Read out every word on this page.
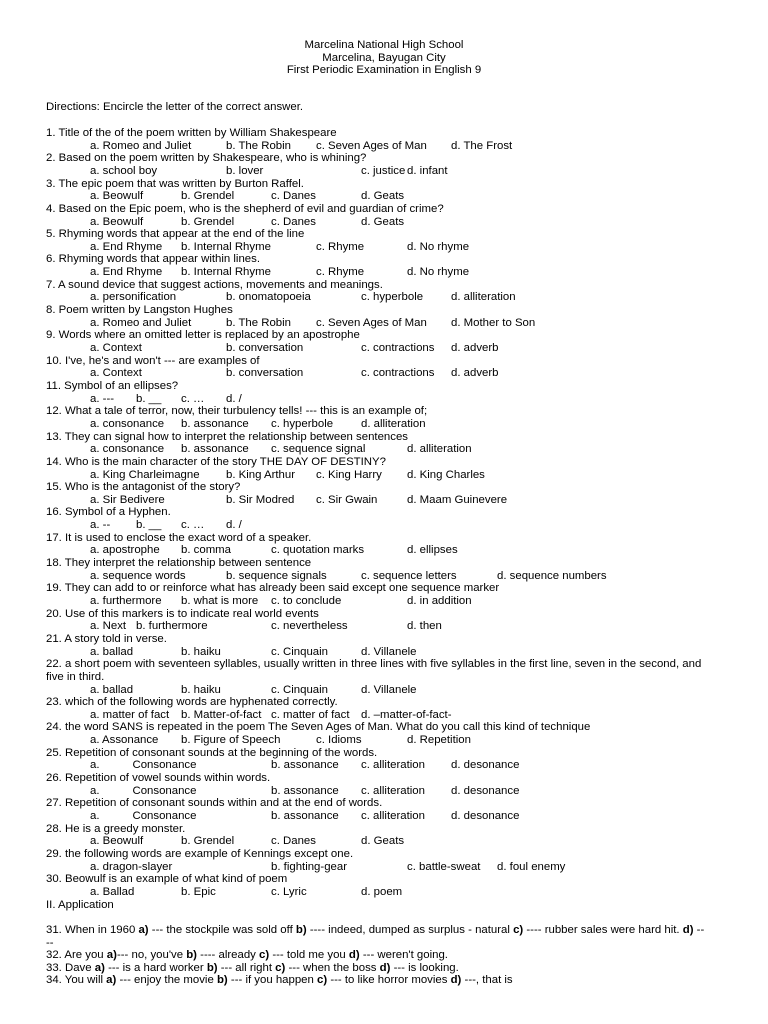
Marcelina National High School
Marcelina, Bayugan City
First Periodic Examination in English 9
Directions: Encircle the letter of the correct answer.
1. Title of the of the poem written by William Shakespeare
a. Romeo and Juliet	b. The Robin c. Seven Ages of Man d. The Frost
2. Based on the poem written by Shakespeare, who is whining?
a. school boy	b. lover	c. justice d. infant
3. The epic poem that was written by Burton Raffel.
a. Beowulf	b. Grendel	c. Danes	d. Geats
4. Based on the Epic poem, who is the shepherd of evil and guardian of crime?
a. Beowulf	b. Grendel	c. Danes	d. Geats
5. Rhyming words that appear at the end of the line
a. End Rhyme b. Internal Rhyme	c. Rhyme	d. No rhyme
6. Rhyming words that appear within lines.
a. End Rhyme b. Internal Rhyme	c. Rhyme	d. No rhyme
7. A sound device that suggest actions, movements and meanings.
a. personification	b. onomatopoeia	c. hyperbole d. alliteration
8. Poem written by Langston Hughes
a. Romeo and Juliet	b. The Robin c. Seven Ages of Man d. Mother to Son
9. Words where an omitted letter is replaced by an apostrophe
a. Context	b. conversation	c. contractions d. adverb
10. I've, he's and won't --- are examples of
a. Context	b. conversation	c. contractions d. adverb
11. Symbol of an ellipses?
a. --- b. __ c. … d. /
12. What a tale of terror, now, their turbulency tells! --- this is an example of;
a. consonance b. assonance c. hyperbole d. alliteration
13. They can signal how to interpret the relationship between sentences
a. consonance b. assonance c. sequence signal	d. alliteration
14. Who is the main character of the story THE DAY OF DESTINY?
a. King Charleimagne b. King Arthur c. King Harry d. King Charles
15. Who is the antagonist of the story?
a. Sir Bedivere	b. Sir Modred c. Sir Gwain	d. Maam Guinevere
16. Symbol of a Hyphen.
a. -- b. __ c. … d. /
17. It is used to enclose the exact word of a speaker.
a. apostrophe b. comma	c. quotation marks	d. ellipses
18. They interpret the relationship between sentence
a. sequence words	b. sequence signals	c. sequence letters	d. sequence numbers
19. They can add to or reinforce what has already been said except one sequence marker
a. furthermore b. what is more c. to conclude	d. in addition
20. Use of this markers is to indicate real world events
a. Next b. furthermore	c. nevertheless	d. then
21. A story told in verse.
a. ballad	b. haiku	c. Cinquain	d. Villanele
22. a short poem with seventeen syllables, usually written in three lines with five syllables in the first line, seven in the second, and five in third.
a. ballad	b. haiku	c. Cinquain	d. Villanele
23. which of the following words are hyphenated correctly.
a. matter of fact b. Matter-of-fact c. matter of fact d. –matter-of-fact-
24. the word SANS is repeated in the poem The Seven Ages of Man. What do you call this kind of technique
a. Assonance b. Figure of Speech	c. Idioms	d. Repetition
25. Repetition of consonant sounds at the beginning of the words.
a.	Consonance	b. assonance c. alliteration d. desonance
26. Repetition of vowel sounds within words.
a.	Consonance	b. assonance c. alliteration d. desonance
27. Repetition of consonant sounds within and at the end of words.
a.	Consonance	b. assonance c. alliteration d. desonance
28. He is a greedy monster.
a. Beowulf	b. Grendel	c. Danes	d. Geats
29. the following words are example of Kennings except one.
a. dragon-slayer	b. fighting-gear	c. battle-sweat d. foul enemy
30. Beowulf is an example of what kind of poem
a. Ballad	b. Epic	c. Lyric	d. poem
II. Application
31. When in 1960 a) --- the stockpile was sold off b) ---- indeed, dumped as surplus - natural c) ---- rubber sales were hard hit. d) ----
32. Are you a)--- no, you've b) ---- already c) --- told me you d) --- weren't going.
33. Dave a) --- is a hard worker b) --- all right c) --- when the boss d) --- is looking.
34. You will a) --- enjoy the movie b) --- if you happen c) --- to like horror movies d) ---, that is
